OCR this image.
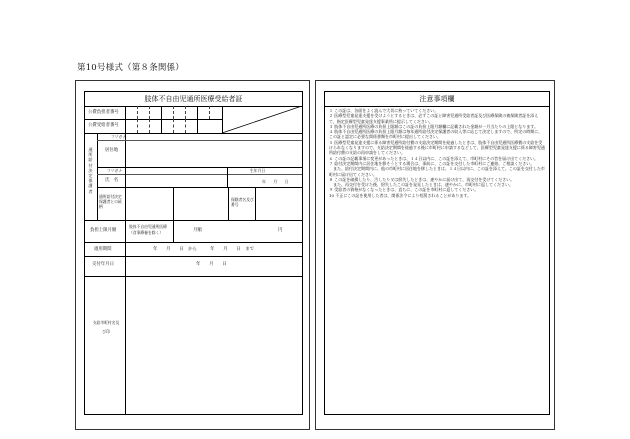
第10号様式（第８条関係）
肢体不自由児通所医療受給者証
公費負担者番号
公費受給者番号
通所給付決定保護者
フリガナ
居住地
フリガナ	生年月日
氏　名	年　　月　　日
通所給付決定保護者との続柄
保険者名及び番号
負担上限月額
肢体不自由児通所医療（食事療養を除く）	月額	円
適用期間	年　　月　　日　から　　　年　　月　　日　まで
交付年月日	年　　月　　日
支給市町村名及び印
注意事項欄
１ この証は、各面をよく読んで大切に持っていてください。
２ 医療型児童発達支援を受けようとするときは、必ずこの証と障害児通所受給者証及び医療保険の被保険者証を添えて、指定医療型児童発達支援事業所に提示してください。
３ 肢体不自由児通所医療の負担上限額はこの証の負担上限月額欄に記載された金額が一月当たりの上限となります。
４ 肢体不自由児通所医療の負担上限月額は毎年通所給付決定保護者の収入等に応じて決定しますので、所定の時期に、この証と認定に必要な関係書類を市町村に提出してください。
５ 医療型児童発達支援に係る障害児通所給付費の支給決定期間を経過したときは、肢体不自由児通所医療費の支給を受けられなくなりますので、支給決定期間を経過する後に市町村に申請するなどして、医療型児童発達支援に係る障害児通所給付費の支給の再申請をしてください。
６ この証の記載事項に変更があったときは、１４日以内に、この証を添えて、市町村にその旨を届け出てください。
７ 給付決定期間内に居住地を移そうとする場合は、事前に、この証を交付した市町村にご連絡、ご相談ください。
　また、給付決定期間内に、他の市町村に居住地を移したときは、１４日以内に、この証を添えて、この証を交付した市町村に届け出てください。
８ この証を破損したり、汚したり又は紛失したときは、速やかに届け出て、再交付を受けてください。
　また、再交付を受けた後、紛失したこの証を発見したときは、速やかに、市町村に返してください。
９ 受給者の資格がなくなったときは、直ちに、この証を市町村に返してください。
10 不正にこの証を使用した者は、関係法令により処罰されることがあります。
